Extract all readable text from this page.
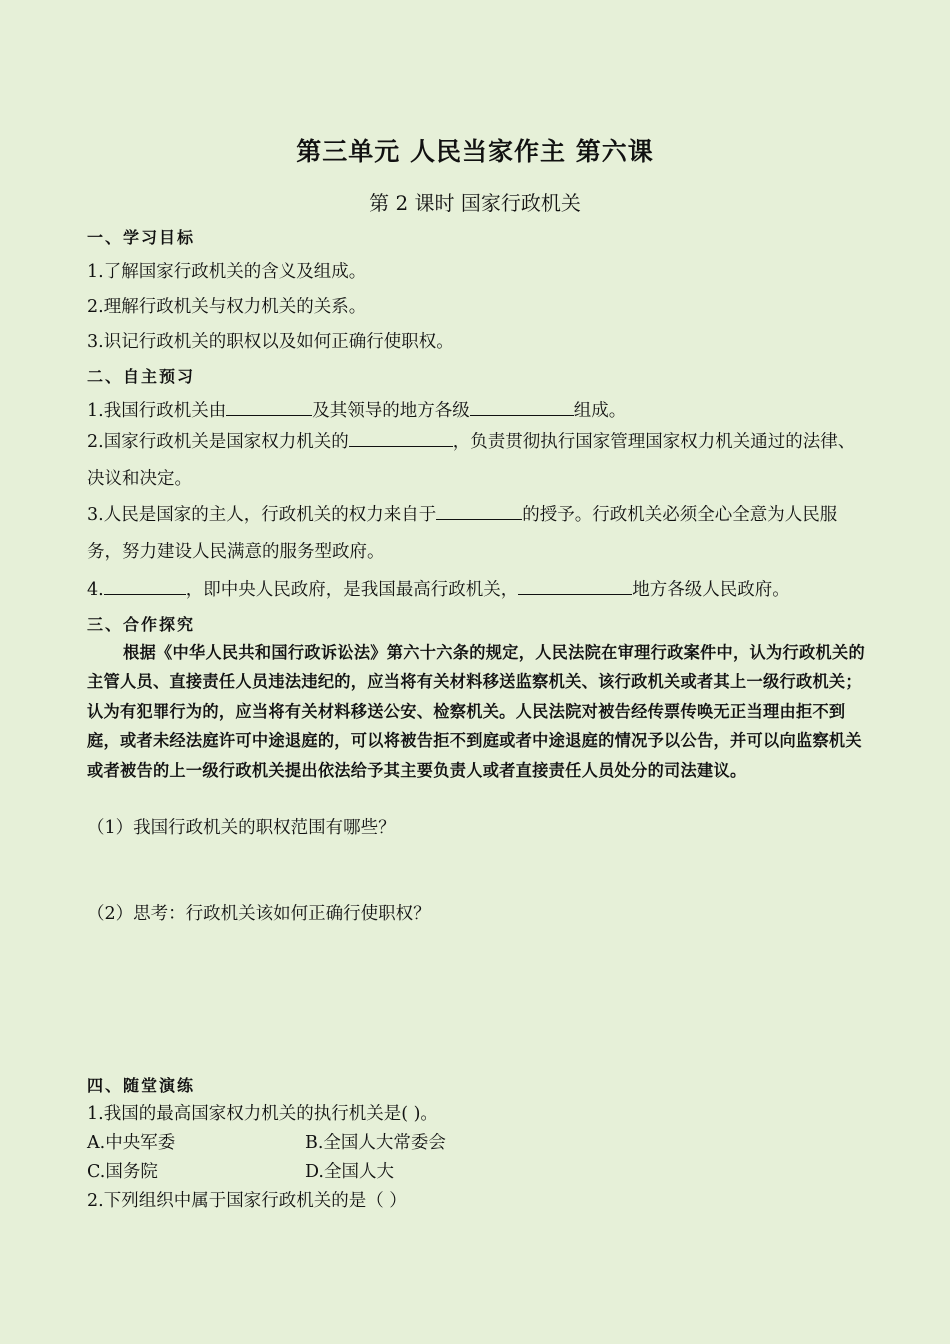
第三单元 人民当家作主 第六课
第 2 课时 国家行政机关
一、学习目标
1.了解国家行政机关的含义及组成。
2.理解行政机关与权力机关的关系。
3.识记行政机关的职权以及如何正确行使职权。
二、自主预习
1.我国行政机关由	及其领导的地方各级	组成。
2.国家行政机关是国家权力机关的	，负责贯彻执行国家管理国家权力机关通过的法律、决议和决定。
3.人民是国家的主人，行政机关的权力来自于	的授予。行政机关必须全心全意为人民服务，努力建设人民满意的服务型政府。
4.	，即中央人民政府，是我国最高行政机关，	地方各级人民政府。
三、合作探究
根据《中华人民共和国行政诉讼法》第六十六条的规定，人民法院在审理行政案件中，认为行政机关的主管人员、直接责任人员违法违纪的，应当将有关材料移送监察机关、该行政机关或者其上一级行政机关；认为有犯罪行为的，应当将有关材料移送公安、检察机关。人民法院对被告经传票传唤无正当理由拒不到庭，或者未经法庭许可中途退庭的，可以将被告拒不到庭或者中途退庭的情况予以公告，并可以向监察机关或者被告的上一级行政机关提出依法给予其主要负责人或者直接责任人员处分的司法建议。
（1）我国行政机关的职权范围有哪些？
（2）思考：行政机关该如何正确行使职权？
四、随堂演练
1.我国的最高国家权力机关的执行机关是( )。
A.中央军委	B.全国人大常委会
C.国务院	D.全国人大
2.下列组织中属于国家行政机关的是（ ）
